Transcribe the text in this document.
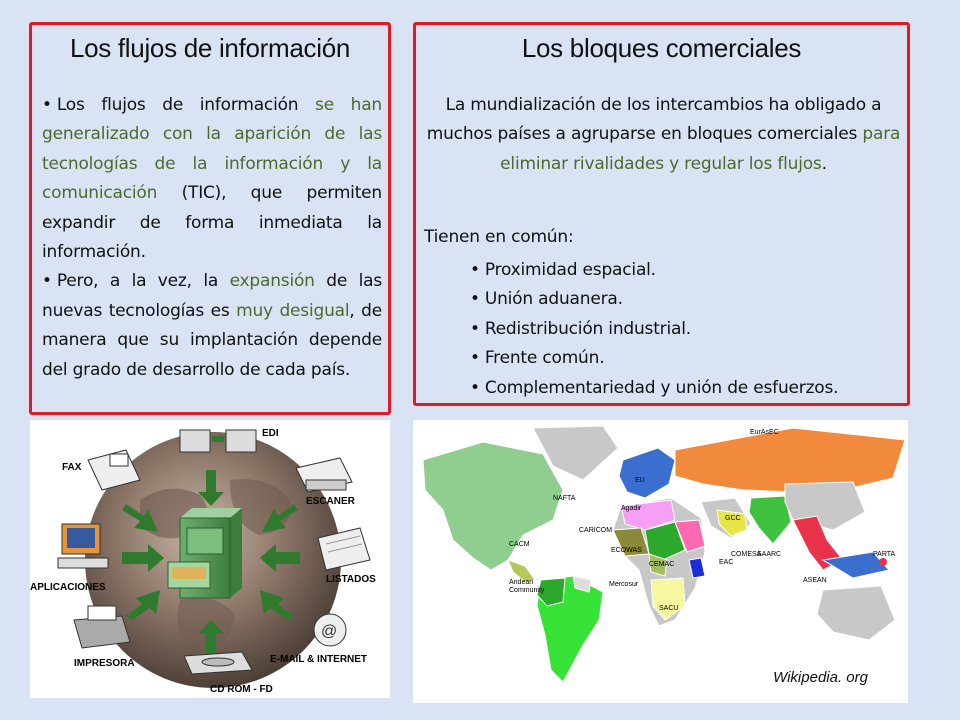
Los flujos de información

• Los flujos de información se han generalizado con la aparición de las tecnologías de la información y la comunicación (TIC), que permiten expandir de forma inmediata la información.

• Pero, a la vez, la expansión de las nuevas tecnologías es muy desigual, de manera que su implantación depende del grado de desarrollo de cada país.

Los bloques comerciales
La mundialización de los intercambios ha obligado a muchos países a agruparse en bloques comerciales para eliminar rivalidades y regular los flujos.
Tienen en común:
• Proximidad espacial.
• Unión aduanera.
• Redistribución industrial.
• Frente común.
• Complementariedad y unión de esfuerzos.
EDI
FAX
ESCANER
APLICACIONES
LISTADOS
IMPRESORA
@
E-MAIL & INTERNET
CD ROM - FD
EurAsEC
EU
NAFTA
Agadir
GCC
CARICOM
CACM
ECOWAS
CEMAC
COMESA
SAARC	PARTA
EAC
ASEAN
Andean Community
Mercosur
SACU
Wikipedia. org
